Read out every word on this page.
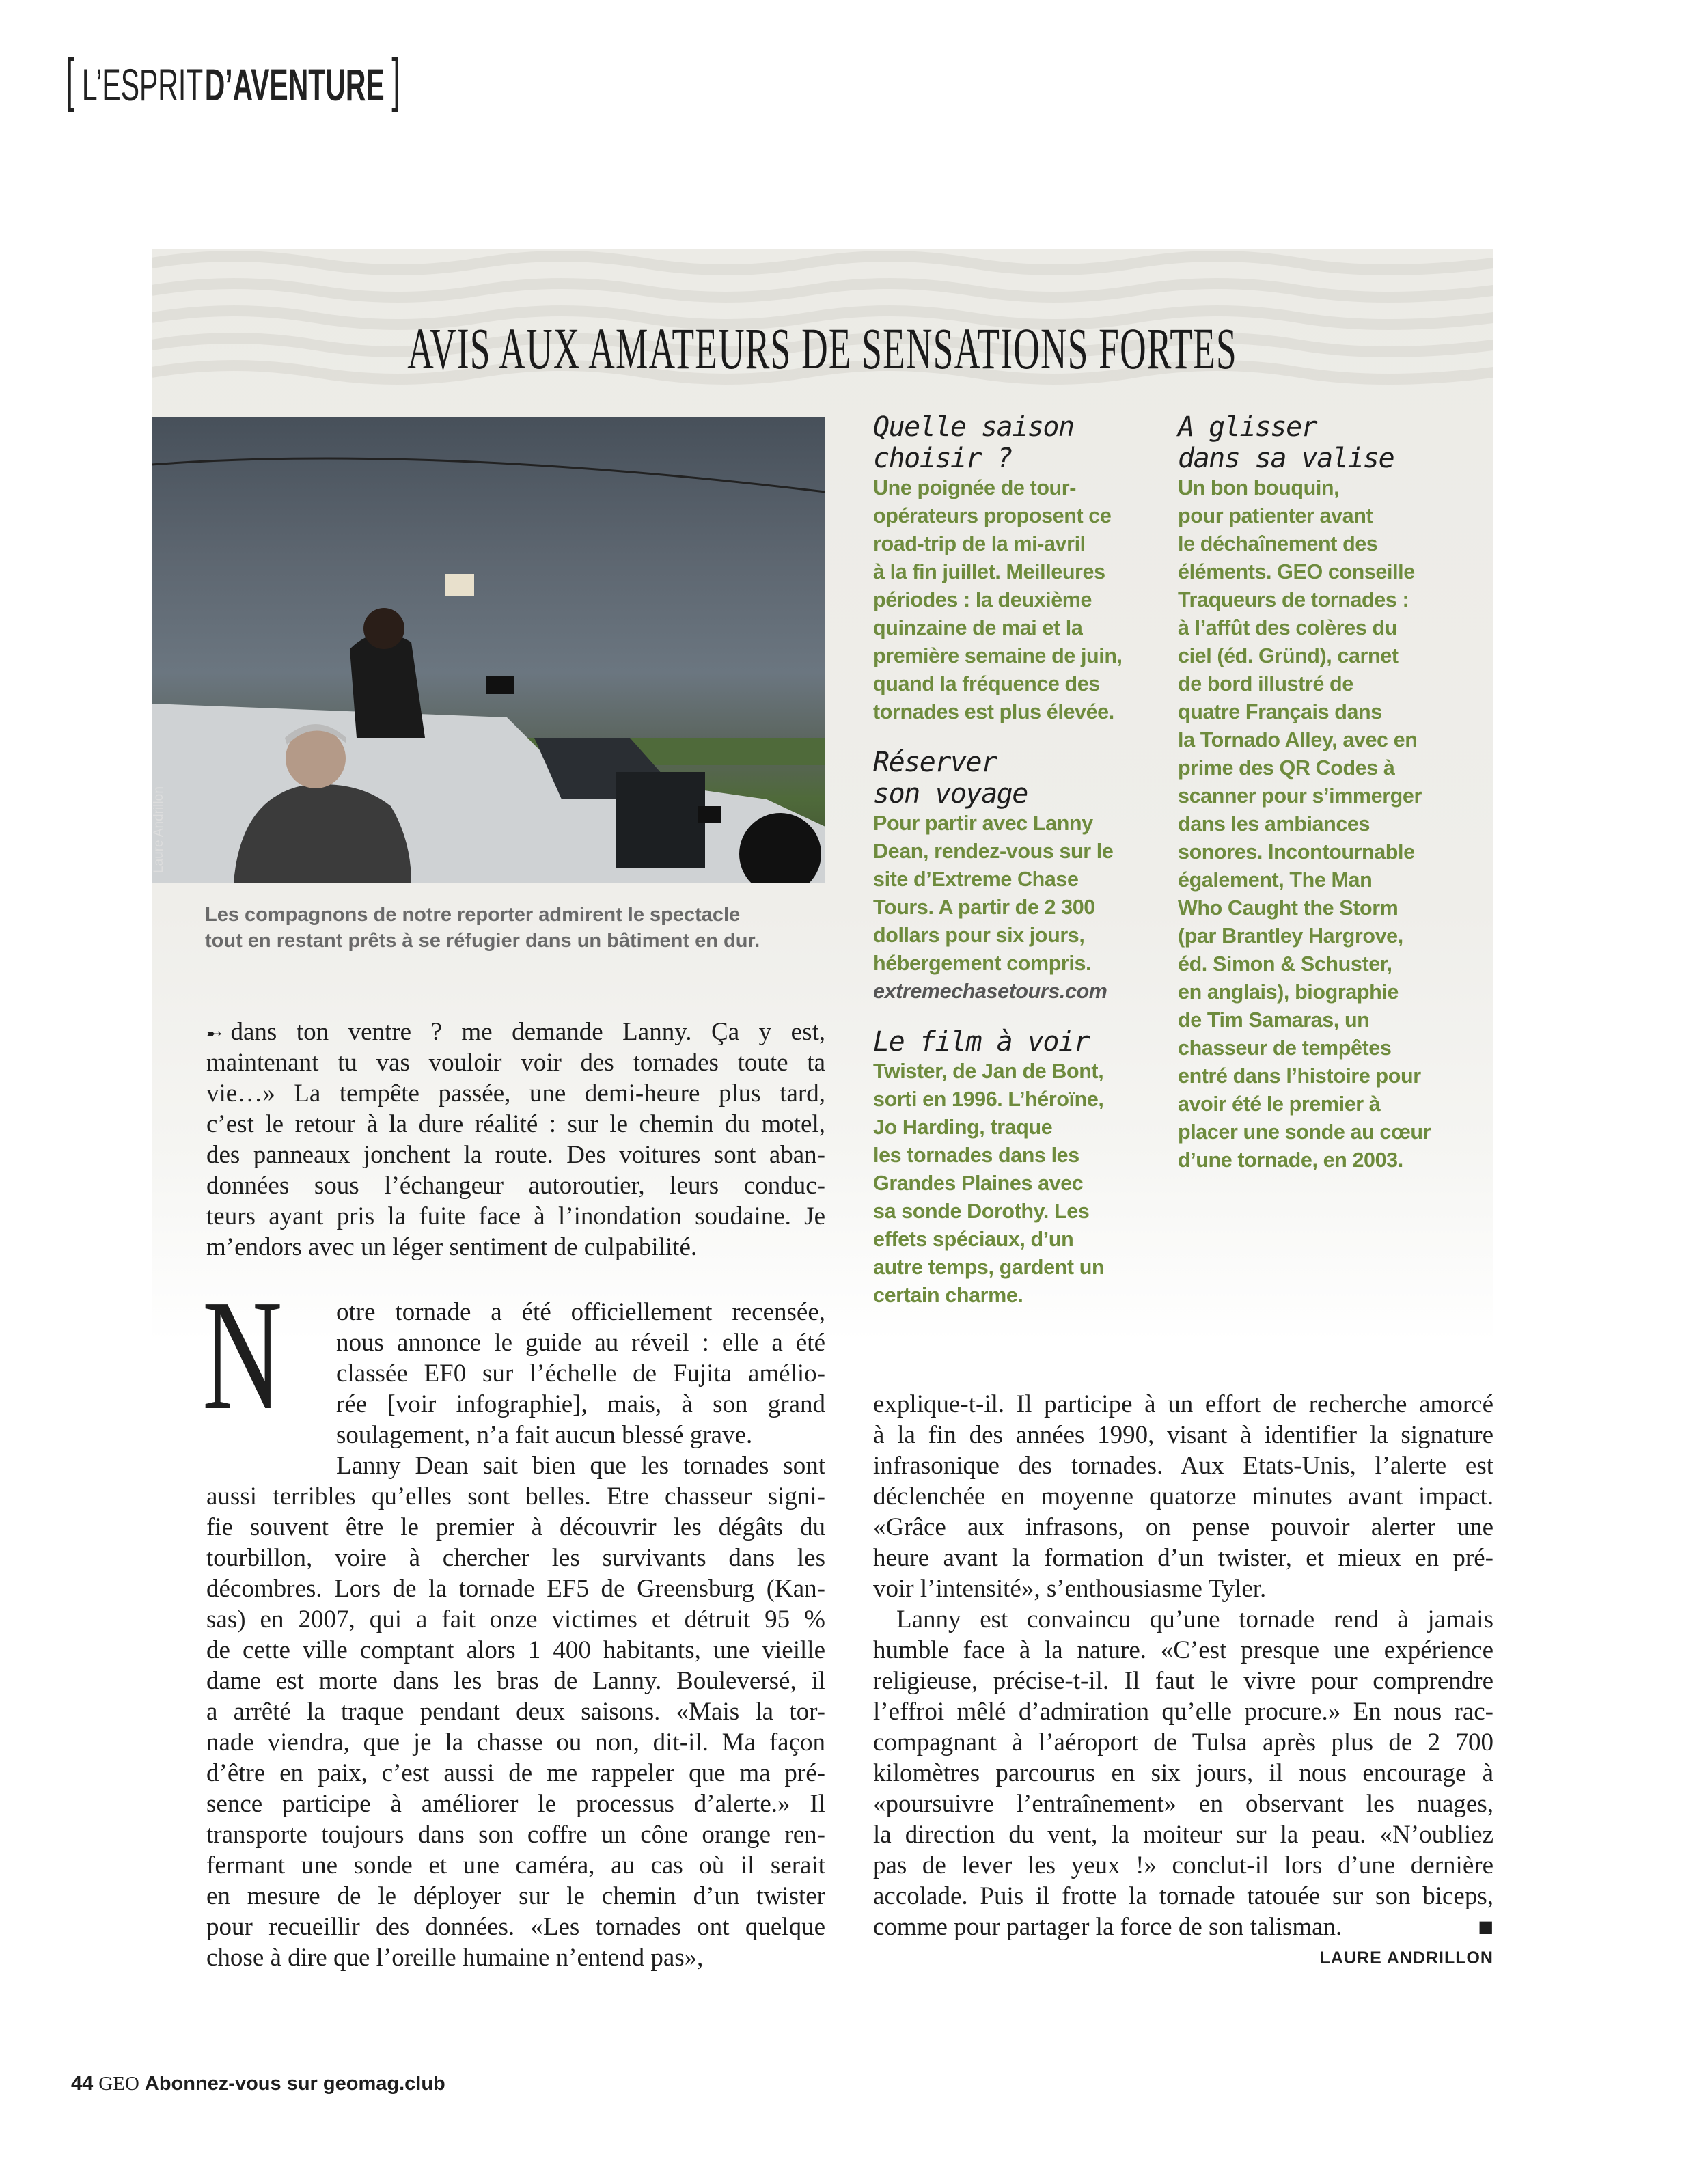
L’ESPRITD’AVENTURE
AVIS AUX AMATEURS DE SENSATIONS FORTES
Laure Andrillon
Les compagnons de notre reporter admirent le spectacle
tout en restant prêts à se réfugier dans un bâtiment en dur.
Quelle saison
choisir ?
Une poignée de tour-
opérateurs proposent ce
road-trip de la mi-avril
à la fin juillet. Meilleures
périodes : la deuxième
quinzaine de mai et la
première semaine de juin,
quand la fréquence des
tornades est plus élevée.
Réserver
son voyage
Pour partir avec Lanny
Dean, rendez-vous sur le
site d’Extreme Chase
Tours. A partir de 2 300
dollars pour six jours,
hébergement compris.
extremechasetours.com
Le film à voir
Twister, de Jan de Bont,
sorti en 1996. L’héroïne,
Jo Harding, traque
les tornades dans les
Grandes Plaines avec
sa sonde Dorothy. Les
effets spéciaux, d’un
autre temps, gardent un
certain charme.
A glisser
dans sa valise
Un bon bouquin,
pour patienter avant
le déchaînement des
éléments. GEO conseille
Traqueurs de tornades :
à l’affût des colères du
ciel (éd. Gründ), carnet
de bord illustré de
quatre Français dans
la Tornado Alley, avec en
prime des QR Codes à
scanner pour s’immerger
dans les ambiances
sonores. Incontournable
également, The Man
Who Caught the Storm
(par Brantley Hargrove,
éd. Simon & Schuster,
en anglais), biographie
de Tim Samaras, un
chasseur de tempêtes
entré dans l’histoire pour
avoir été le premier à
placer une sonde au cœur
d’une tornade, en 2003.
➸ dans ton ventre ? me demande Lanny. Ça y est,
maintenant tu vas vouloir voir des tornades toute ta
vie…» La tempête passée, une demi-heure plus tard,
c’est le retour à la dure réalité : sur le chemin du motel,
des panneaux jonchent la route. Des voitures sont aban-
données sous l’échangeur autoroutier, leurs conduc-
teurs ayant pris la fuite face à l’inondation soudaine. Je
m’endors avec un léger sentiment de culpabilité.
N	otre tornade a été officiellement recensée,
nous annonce le guide au réveil : elle a été
classée EF0 sur l’échelle de Fujita amélio-
rée [voir infographie], mais, à son grand
soulagement, n’a fait aucun blessé grave.
Lanny Dean sait bien que les tornades sont
aussi terribles qu’elles sont belles. Etre chasseur signi-
fie souvent être le premier à découvrir les dégâts du
tourbillon, voire à chercher les survivants dans les
décombres. Lors de la tornade EF5 de Greensburg (Kan-
sas) en 2007, qui a fait onze victimes et détruit 95 %
de cette ville comptant alors 1 400 habitants, une vieille
dame est morte dans les bras de Lanny. Bouleversé, il
a arrêté la traque pendant deux saisons. «Mais la tor-
nade viendra, que je la chasse ou non, dit-il. Ma façon
d’être en paix, c’est aussi de me rappeler que ma pré-
sence participe à améliorer le processus d’alerte.» Il
transporte toujours dans son coffre un cône orange ren-
fermant une sonde et une caméra, au cas où il serait
en mesure de le déployer sur le chemin d’un twister
pour recueillir des données. «Les tornades ont quelque
chose à dire que l’oreille humaine n’entend pas»,
explique-t-il. Il participe à un effort de recherche amorcé
à la fin des années 1990, visant à identifier la signature
infrasonique des tornades. Aux Etats-Unis, l’alerte est
déclenchée en moyenne quatorze minutes avant impact.
«Grâce aux infrasons, on pense pouvoir alerter une
heure avant la formation d’un twister, et mieux en pré-
voir l’intensité», s’enthousiasme Tyler.
Lanny est convaincu qu’une tornade rend à jamais
humble face à la nature. «C’est presque une expérience
religieuse, précise-t-il. Il faut le vivre pour comprendre
l’effroi mêlé d’admiration qu’elle procure.» En nous rac-
compagnant à l’aéroport de Tulsa après plus de 2 700
kilomètres parcourus en six jours, il nous encourage à
«poursuivre l’entraînement» en observant les nuages,
la direction du vent, la moiteur sur la peau. «N’oubliez
pas de lever les yeux !» conclut-il lors d’une dernière
accolade. Puis il frotte la tornade tatouée sur son biceps,
comme pour partager la force de son talisman.	■
LAURE ANDRILLON
44 GEO Abonnez-vous sur geomag.club
